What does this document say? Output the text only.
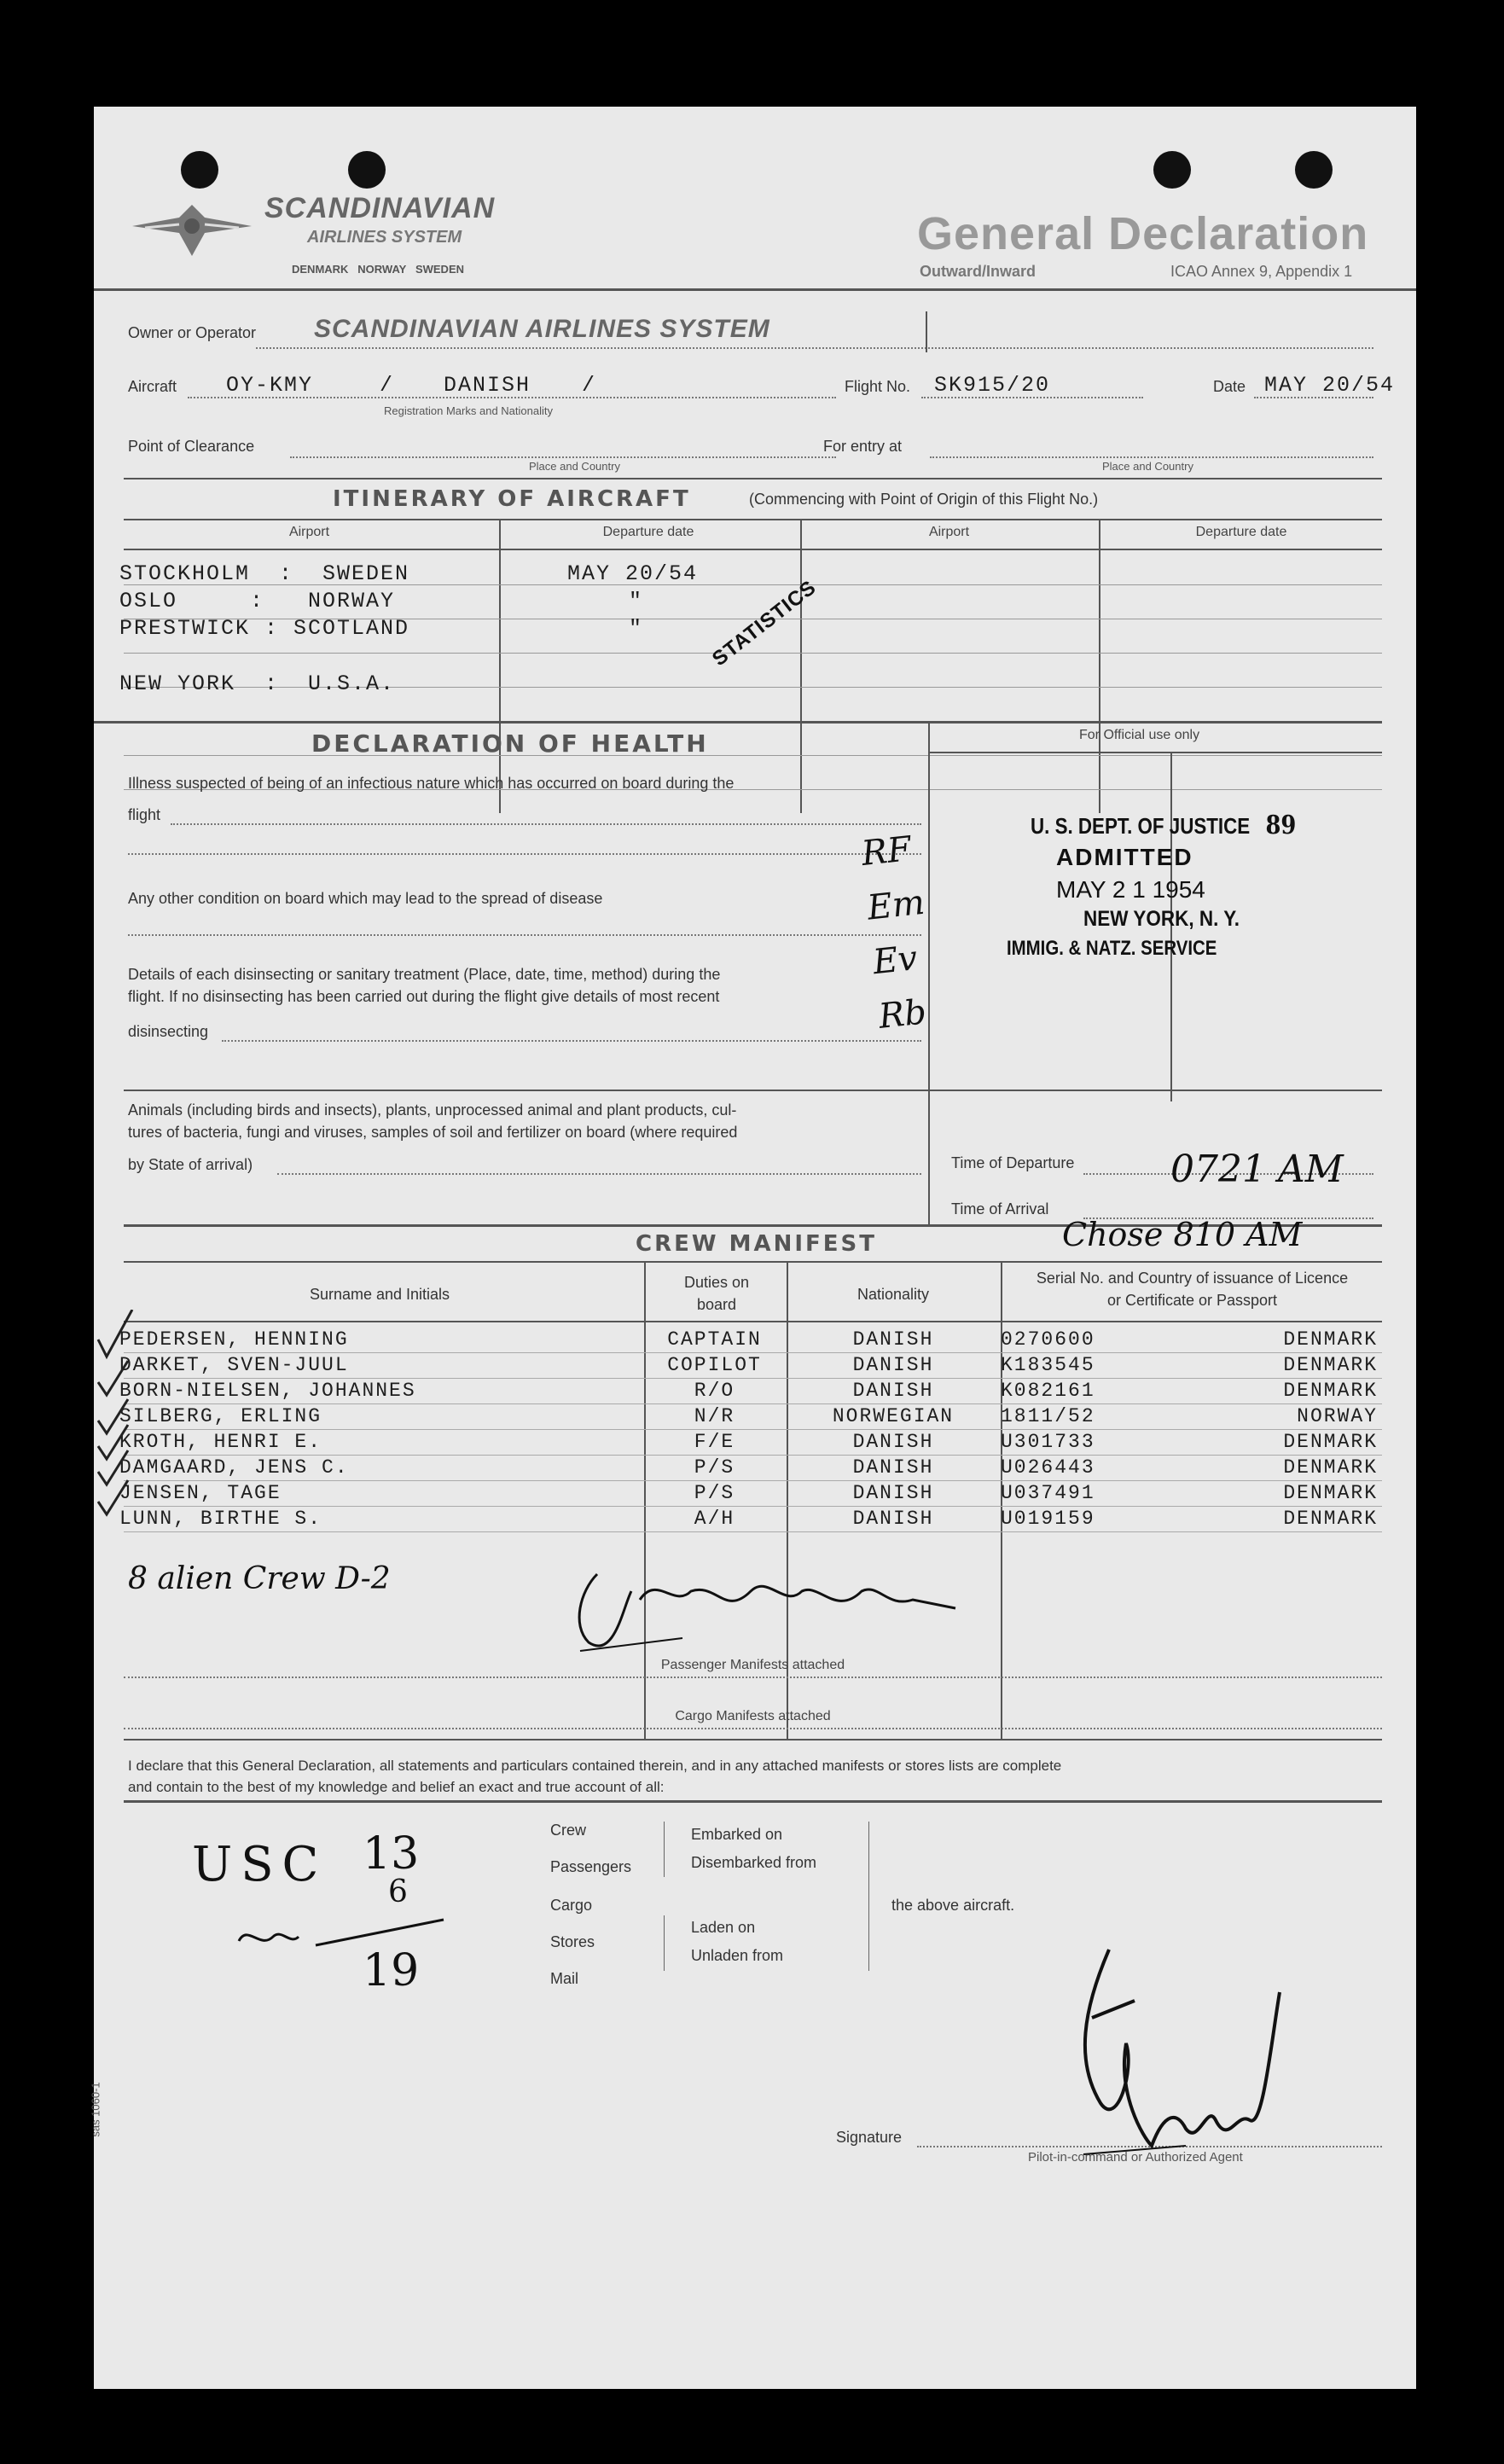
SCANDINAVIAN
AIRLINES SYSTEM
DENMARK   NORWAY   SWEDEN
General Declaration
Outward/Inward	ICAO Annex 9, Appendix 1
Owner or Operator SCANDINAVIAN AIRLINES SYSTEM
Aircraft OY-KMY	/ DANISH /
Registration Marks and Nationality
Flight No. SK915/20	Date MAY 20/54
Point of Clearance
Place and Country
For entry at
Place and Country
ITINERARY OF AIRCRAFT	(Commencing with Point of Origin of this Flight No.)
Airport	Departure date	Airport	Departure date
STOCKHOLM  :  SWEDEN	MAY 20/54
OSLO     :   NORWAY	"
PRESTWICK : SCOTLAND	"
NEW YORK  :  U.S.A.
STATISTICS
DECLARATION OF HEALTH	For Official use only
Illness suspected of being of an infectious nature which has occurred on board during the
flight
Any other condition on board which may lead to the spread of disease
Details of each disinsecting or sanitary treatment (Place, date, time, method) during the
flight. If no disinsecting has been carried out during the flight give details of most recent
disinsecting
Animals (including birds and insects), plants, unprocessed animal and plant products, cul-
tures of bacteria, fungi and viruses, samples of soil and fertilizer on board (where required
by State of arrival)
RF
Em
Ev
Rb
U. S. DEPT. OF JUSTICE 89
ADMITTED
MAY 2 1 1954
NEW YORK, N. Y.
IMMIG. & NATZ. SERVICE
Time of Departure	0721 AM
Time of Arrival
CREW MANIFEST	Chose 810 AM
Surname and Initials
Duties on board
Nationality
Serial No. and Country of issuance of Licence or Certificate or Passport
PEDERSEN, HENNING	CAPTAIN	DANISH	0270600	DENMARK
DARKET, SVEN-JUUL	COPILOT	DANISH	K183545	DENMARK
BORN-NIELSEN, JOHANNES	R/O	DANISH	K082161	DENMARK
SILBERG, ERLING	N/R	NORWEGIAN	1811/52	NORWAY
KROTH, HENRI E.	F/E	DANISH	U301733	DENMARK
DAMGAARD, JENS C.	P/S	DANISH	U026443	DENMARK
JENSEN, TAGE	P/S	DANISH	U037491	DENMARK
LUNN, BIRTHE S.	A/H	DANISH	U019159	DENMARK
8 alien Crew D-2
Passenger Manifests attached
Cargo Manifests attached
I declare that this General Declaration, all statements and particulars contained therein, and in any attached manifests or stores lists are complete
and contain to the best of my knowledge and belief an exact and true account of all:
Crew
Passengers
Cargo
Stores
Mail
Embarked on
Disembarked from
Laden on
Unladen from
the above aircraft.
USC 13
6
19
Signature
Pilot-in-command or Authorized Agent
sas 1060-1
